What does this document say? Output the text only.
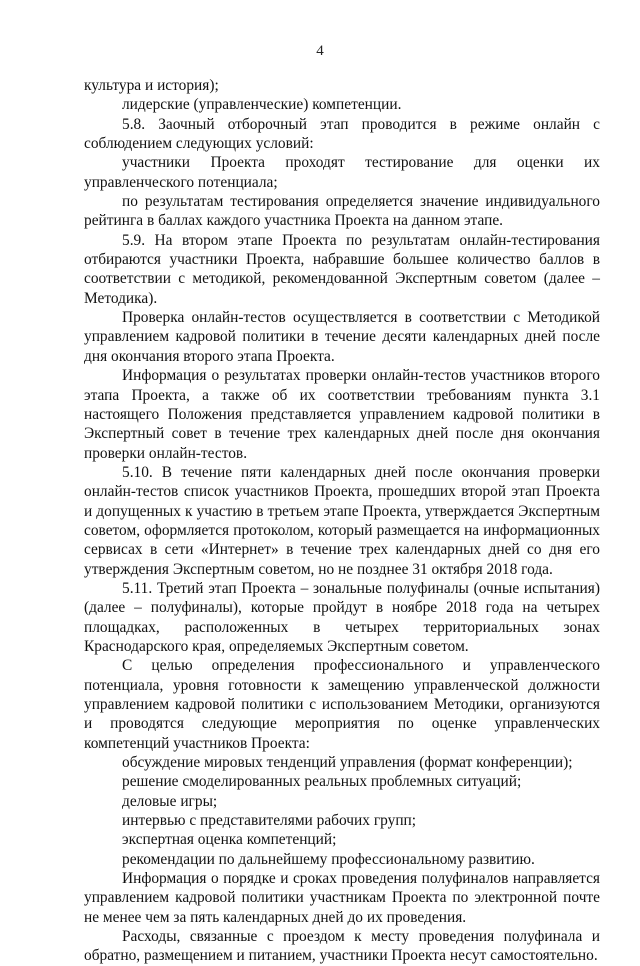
4

культура и история);

лидерские (управленческие) компетенции.

5.8. Заочный отборочный этап проводится в режиме онлайн с соблюдением следующих условий:

участники Проекта проходят тестирование для оценки их управленческого потенциала;

по результатам тестирования определяется значение индивидуального рейтинга в баллах каждого участника Проекта на данном этапе.

5.9. На втором этапе Проекта по результатам онлайн-тестирования отбираются участники Проекта, набравшие большее количество баллов в соответствии с методикой, рекомендованной Экспертным советом (далее – Методика).

Проверка онлайн-тестов осуществляется в соответствии с Методикой управлением кадровой политики в течение десяти календарных дней после дня окончания второго этапа Проекта.

Информация о результатах проверки онлайн-тестов участников второго этапа Проекта, а также об их соответствии требованиям пункта 3.1 настоящего Положения представляется управлением кадровой политики в Экспертный совет в течение трех календарных дней после дня окончания проверки онлайн-тестов.

5.10. В течение пяти календарных дней после окончания проверки онлайн-тестов список участников Проекта, прошедших второй этап Проекта и допущенных к участию в третьем этапе Проекта, утверждается Экспертным советом, оформляется протоколом, который размещается на информационных сервисах в сети «Интернет» в течение трех календарных дней со дня его утверждения Экспертным советом, но не позднее 31 октября 2018 года.

5.11. Третий этап Проекта – зональные полуфиналы (очные испытания) (далее – полуфиналы), которые пройдут в ноябре 2018 года на четырех площадках, расположенных в четырех территориальных зонах Краснодарского края, определяемых Экспертным советом.

С целью определения профессионального и управленческого потенциала, уровня готовности к замещению управленческой должности управлением кадровой политики с использованием Методики, организуются и проводятся следующие мероприятия по оценке управленческих компетенций участников Проекта:

обсуждение мировых тенденций управления (формат конференции);

решение смоделированных реальных проблемных ситуаций;

деловые игры;

интервью с представителями рабочих групп;

экспертная оценка компетенций;

рекомендации по дальнейшему профессиональному развитию.

Информация о порядке и сроках проведения полуфиналов направляется управлением кадровой политики участникам Проекта по электронной почте не менее чем за пять календарных дней до их проведения.

Расходы, связанные с проездом к месту проведения полуфинала и обратно, размещением и питанием, участники Проекта несут самостоятельно.
